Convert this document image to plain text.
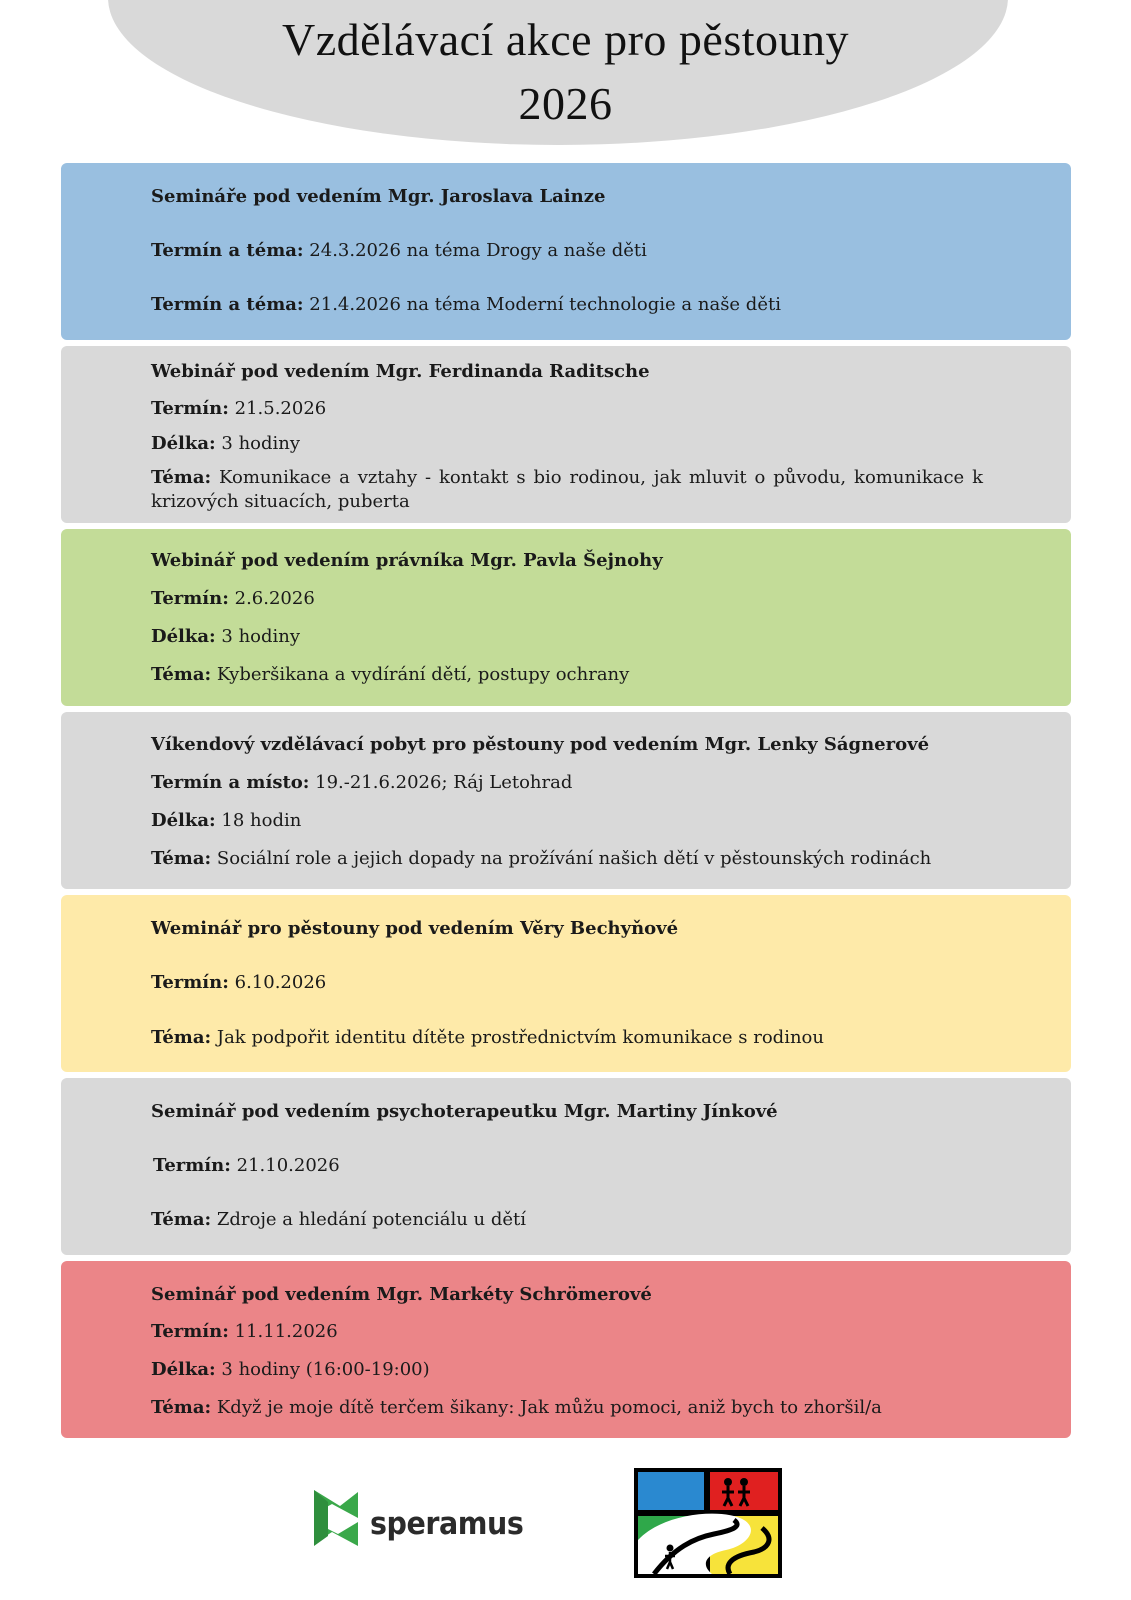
Vzdělávací akce pro pěstouny
2026
Semináře pod vedením Mgr. Jaroslava Lainze
Termín a téma: 24.3.2026 na téma Drogy a naše děti
Termín a téma: 21.4.2026 na téma Moderní technologie a naše děti
Webinář pod vedením Mgr. Ferdinanda Raditsche
Termín: 21.5.2026
Délka: 3 hodiny
Téma: Komunikace a vztahy - kontakt s bio rodinou, jak mluvit o původu, komunikace k krizových situacích, puberta
Webinář pod vedením právníka Mgr. Pavla Šejnohy
Termín: 2.6.2026
Délka: 3 hodiny
Téma: Kyberšikana a vydírání dětí, postupy ochrany
Víkendový vzdělávací pobyt pro pěstouny pod vedením Mgr. Lenky Ságnerové
Termín a místo: 19.-21.6.2026; Ráj Letohrad
Délka: 18 hodin
Téma: Sociální role a jejich dopady na prožívání našich dětí v pěstounských rodinách
Weminář pro pěstouny pod vedením Věry Bechyňové
Termín: 6.10.2026
Téma: Jak podpořit identitu dítěte prostřednictvím komunikace s rodinou
Seminář pod vedením psychoterapeutku Mgr. Martiny Jínkové
Termín: 21.10.2026
Téma: Zdroje a hledání potenciálu u dětí
Seminář pod vedením Mgr. Markéty Schrömerové
Termín: 11.11.2026
Délka: 3 hodiny (16:00-19:00)
Téma: Když je moje dítě terčem šikany: Jak můžu pomoci, aniž bych to zhoršil/a
speramus
